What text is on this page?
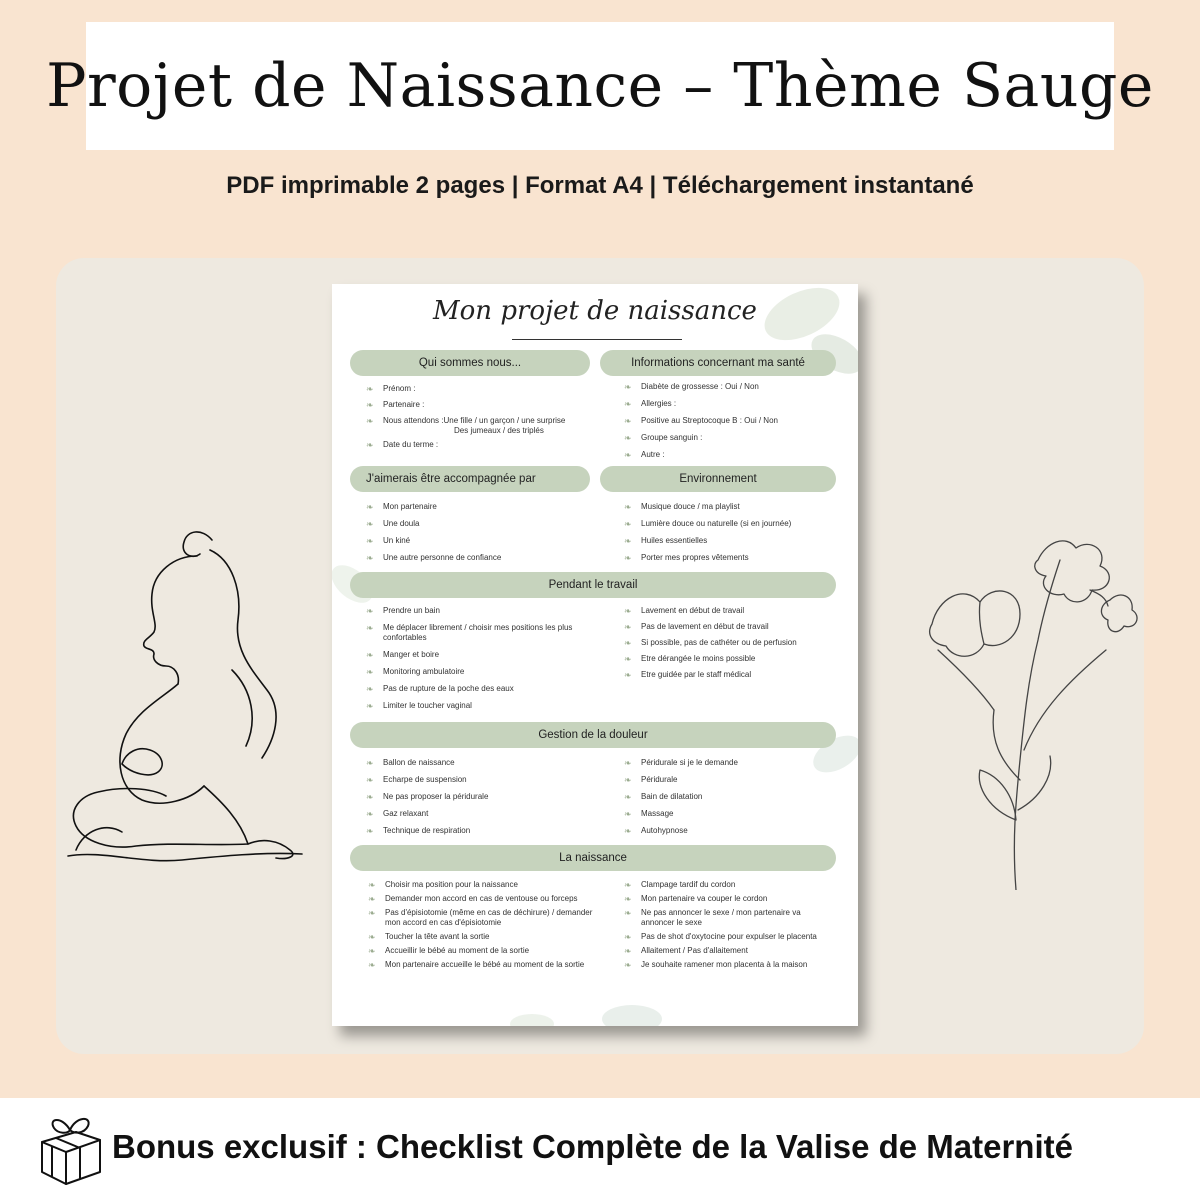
Projet de Naissance – Thème Sauge
PDF imprimable 2 pages | Format A4 | Téléchargement instantané
Mon projet de naissance
Qui sommes nous...	Informations concernant ma santé
J'aimerais être accompagnée par	Environnement
Pendant le travail
Gestion de la douleur
La naissance
❧	Prénom :
❧	Partenaire :
❧	Nous attendons :Une fille / un garçon / une surprise
Des jumeaux / des triplés
❧	Date du terme :
❧	Diabète de grossesse : Oui / Non
❧	Allergies :
❧	Positive au Streptocoque B : Oui / Non
❧	Groupe sanguin :
❧	Autre :
❧	Mon partenaire
❧	Une doula
❧	Un kiné
❧	Une autre personne de confiance
❧	Musique douce / ma playlist
❧	Lumière douce ou naturelle (si en journée)
❧	Huiles essentielles
❧	Porter mes propres vêtements
❧	Prendre un bain
❧	Me déplacer librement / choisir mes positions les plus confortables
❧	Manger et boire
❧	Monitoring ambulatoire
❧	Pas de rupture de la poche des eaux
❧	Limiter le toucher vaginal
❧	Lavement en début de travail
❧	Pas de lavement en début de travail
❧	Si possible, pas de cathéter ou de perfusion
❧	Etre dérangée le moins possible
❧	Etre guidée par le staff médical
❧	Ballon de naissance
❧	Echarpe de suspension
❧	Ne pas proposer la péridurale
❧	Gaz relaxant
❧	Technique de respiration
❧	Péridurale si je le demande
❧	Péridurale
❧	Bain de dilatation
❧	Massage
❧	Autohypnose
❧	Choisir ma position pour la naissance
❧	Demander mon accord en cas de ventouse ou forceps
❧	Pas d'épisiotomie (même en cas de déchirure) / demander mon accord en cas d'épisiotomie
❧	Toucher la tête avant la sortie
❧	Accueillir le bébé au moment de la sortie
❧	Mon partenaire accueille le bébé au moment de la sortie
❧	Clampage tardif du cordon
❧	Mon partenaire va couper le cordon
❧	Ne pas annoncer le sexe / mon partenaire va annoncer le sexe
❧	Pas de shot d'oxytocine pour expulser le placenta
❧	Allaitement / Pas d'allaitement
❧	Je souhaite ramener mon placenta à la maison
Bonus exclusif : Checklist Complète de la Valise de Maternité
